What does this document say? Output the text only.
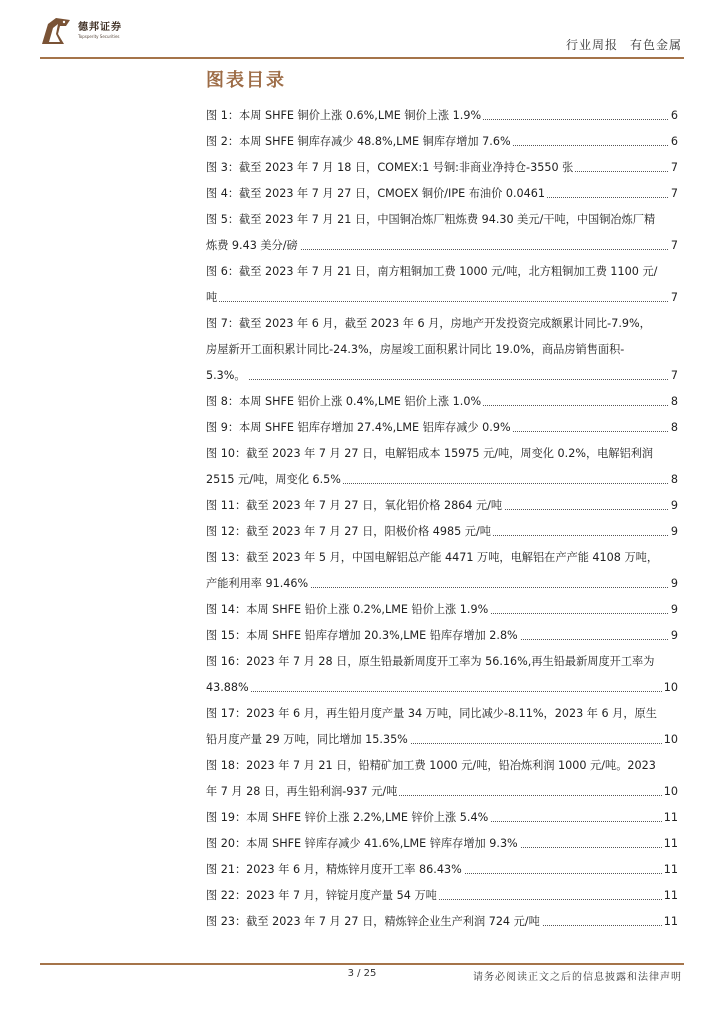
德邦证券
Topsperity Securities
行业周报 有色金属
图表目录
图 1：本周 SHFE 铜价上涨 0.6%,LME 铜价上涨 1.9%	6
图 2：本周 SHFE 铜库存减少 48.8%,LME 铜库存增加 7.6%	6
图 3：截至 2023 年 7 月 18 日，COMEX:1 号铜:非商业净持仓-3550 张	7
图 4：截至 2023 年 7 月 27 日，CMOEX 铜价/IPE 布油价 0.0461	7
图 5：截至 2023 年 7 月 21 日，中国铜冶炼厂粗炼费 94.30 美元/干吨，中国铜冶炼厂精
炼费 9.43 美分/磅	7
图 6：截至 2023 年 7 月 21 日，南方粗铜加工费 1000 元/吨，北方粗铜加工费 1100 元/
吨	7
图 7：截至 2023 年 6 月，截至 2023 年 6 月，房地产开发投资完成额累计同比-7.9%，
房屋新开工面积累计同比-24.3%，房屋竣工面积累计同比 19.0%，商品房销售面积-
5.3%。	7
图 8：本周 SHFE 铝价上涨 0.4%,LME 铝价上涨 1.0%	8
图 9：本周 SHFE 铝库存增加 27.4%,LME 铝库存减少 0.9%	8
图 10：截至 2023 年 7 月 27 日，电解铝成本 15975 元/吨，周变化 0.2%，电解铝利润
2515 元/吨，周变化 6.5%	8
图 11：截至 2023 年 7 月 27 日，氧化铝价格 2864 元/吨	9
图 12：截至 2023 年 7 月 27 日，阳极价格 4985 元/吨	9
图 13：截至 2023 年 5 月，中国电解铝总产能 4471 万吨，电解铝在产产能 4108 万吨，
产能利用率 91.46%	9
图 14：本周 SHFE 铅价上涨 0.2%,LME 铅价上涨 1.9%	9
图 15：本周 SHFE 铅库存增加 20.3%,LME 铅库存增加 2.8%	9
图 16：2023 年 7 月 28 日，原生铅最新周度开工率为 56.16%,再生铅最新周度开工率为
43.88%	10
图 17：2023 年 6 月，再生铅月度产量 34 万吨，同比减少-8.11%，2023 年 6 月，原生
铅月度产量 29 万吨，同比增加 15.35%	10
图 18：2023 年 7 月 21 日，铅精矿加工费 1000 元/吨，铅冶炼利润 1000 元/吨。2023
年 7 月 28 日，再生铅利润-937 元/吨	10
图 19：本周 SHFE 锌价上涨 2.2%,LME 锌价上涨 5.4%	11
图 20：本周 SHFE 锌库存减少 41.6%,LME 锌库存增加 9.3%	11
图 21：2023 年 6 月，精炼锌月度开工率 86.43%	11
图 22：2023 年 7 月，锌锭月度产量 54 万吨	11
图 23：截至 2023 年 7 月 27 日，精炼锌企业生产利润 724 元/吨	11
3 / 25	请务必阅读正文之后的信息披露和法律声明
